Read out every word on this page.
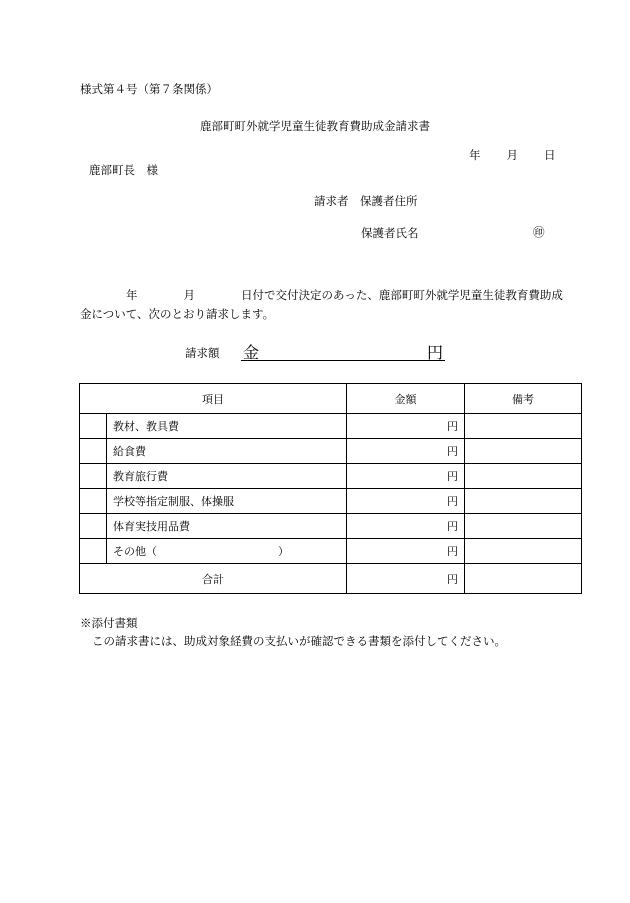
様式第４号（第７条関係）
鹿部町町外就学児童生徒教育費助成金請求書
年 月 日
鹿部町長　様
請求者　 保護者住所
保護者氏名	㊞
　　　　年　　　　月　　　　日付で交付決定のあった、鹿部町町外就学児童生徒教育費助成
金について、次のとおり請求します。
請求額 金	円
項目		金額	備考
	教材、教具費	円	
	給食費	円	
	教育旅行費	円	
	学校等指定制服、体操服	円	
	体育実技用品費	円	
	その他（　　　　　　　　　　　）	円	
合計		円	
※添付書類
この請求書には、助成対象経費の支払いが確認できる書類を添付してください。
